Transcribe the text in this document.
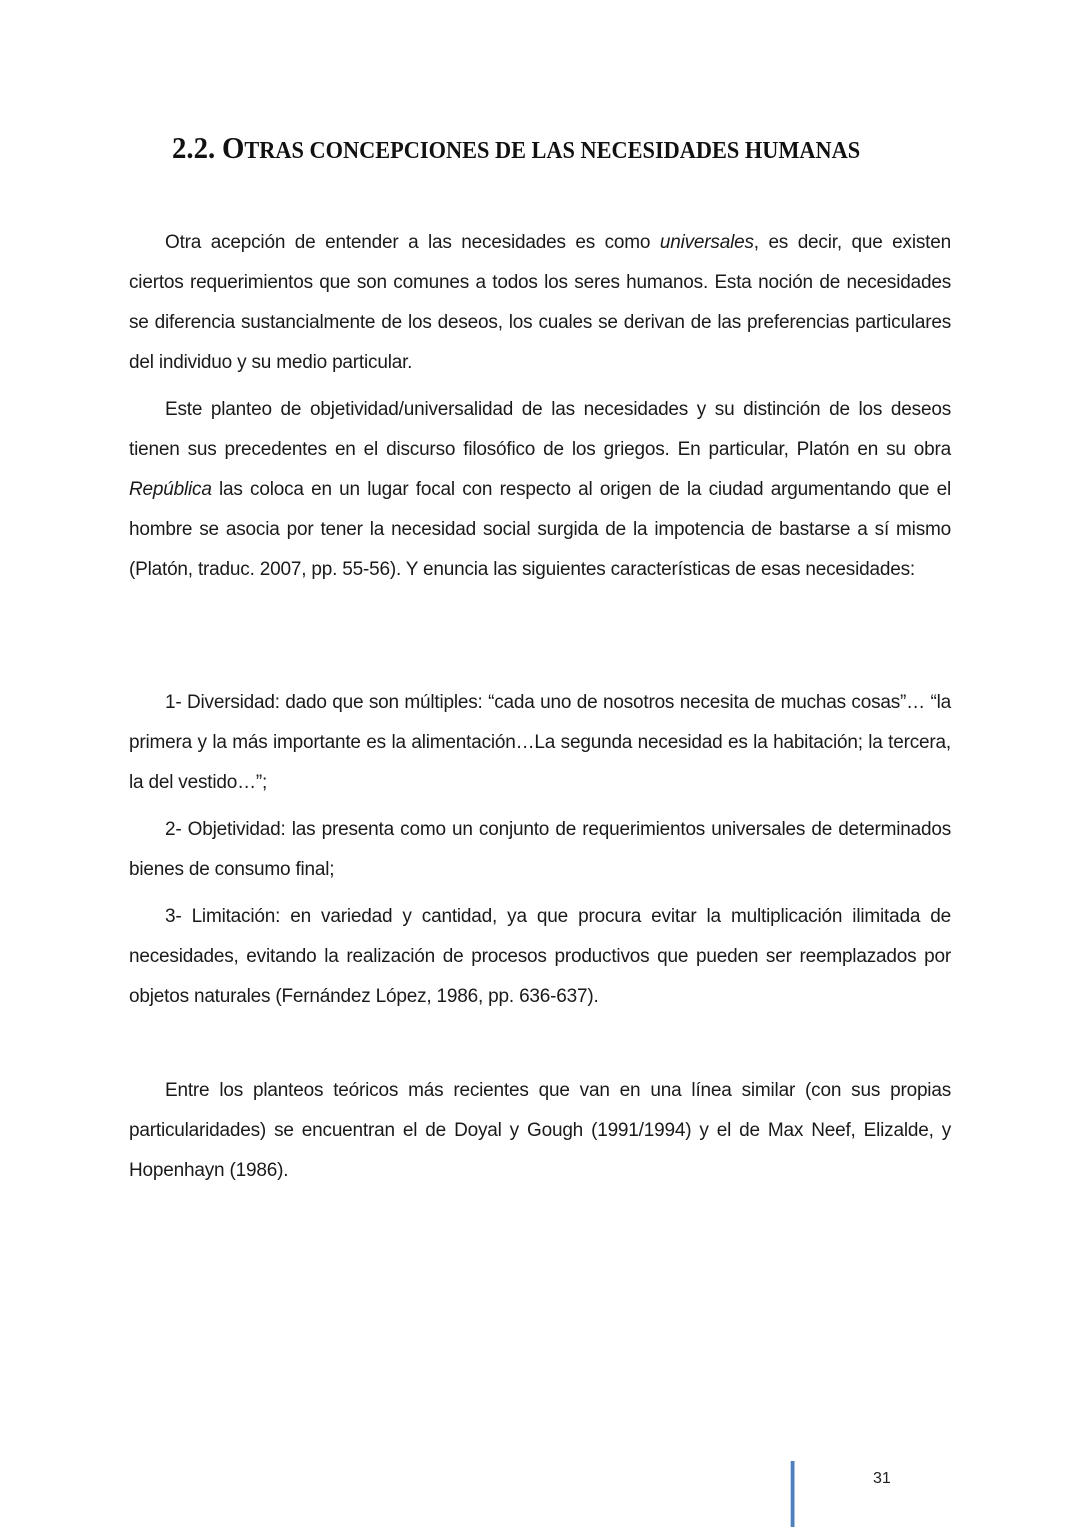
2.2. OTRAS CONCEPCIONES DE LAS NECESIDADES HUMANAS

Otra acepción de entender a las necesidades es como universales, es decir, que existen ciertos requerimientos que son comunes a todos los seres humanos. Esta noción de necesidades se diferencia sustancialmente de los deseos, los cuales se derivan de las preferencias particulares del individuo y su medio particular.

Este planteo de objetividad/universalidad de las necesidades y su distinción de los deseos tienen sus precedentes en el discurso filosófico de los griegos. En particular, Platón en su obra República las coloca en un lugar focal con respecto al origen de la ciudad argumentando que el hombre se asocia por tener la necesidad social surgida de la impotencia de bastarse a sí mismo (Platón, traduc. 2007, pp. 55-56). Y enuncia las siguientes características de esas necesidades:

1- Diversidad: dado que son múltiples: “cada uno de nosotros necesita de muchas cosas”… “la primera y la más importante es la alimentación…La segunda necesidad es la habitación; la tercera, la del vestido…”;

2- Objetividad: las presenta como un conjunto de requerimientos universales de determinados bienes de consumo final;

3- Limitación: en variedad y cantidad, ya que procura evitar la multiplicación ilimitada de necesidades, evitando la realización de procesos productivos que pueden ser reemplazados por objetos naturales (Fernández López, 1986, pp. 636-637).

Entre los planteos teóricos más recientes que van en una línea similar (con sus propias particularidades) se encuentran el de Doyal y Gough (1991/1994) y el de Max Neef, Elizalde, y Hopenhayn (1986).

31
